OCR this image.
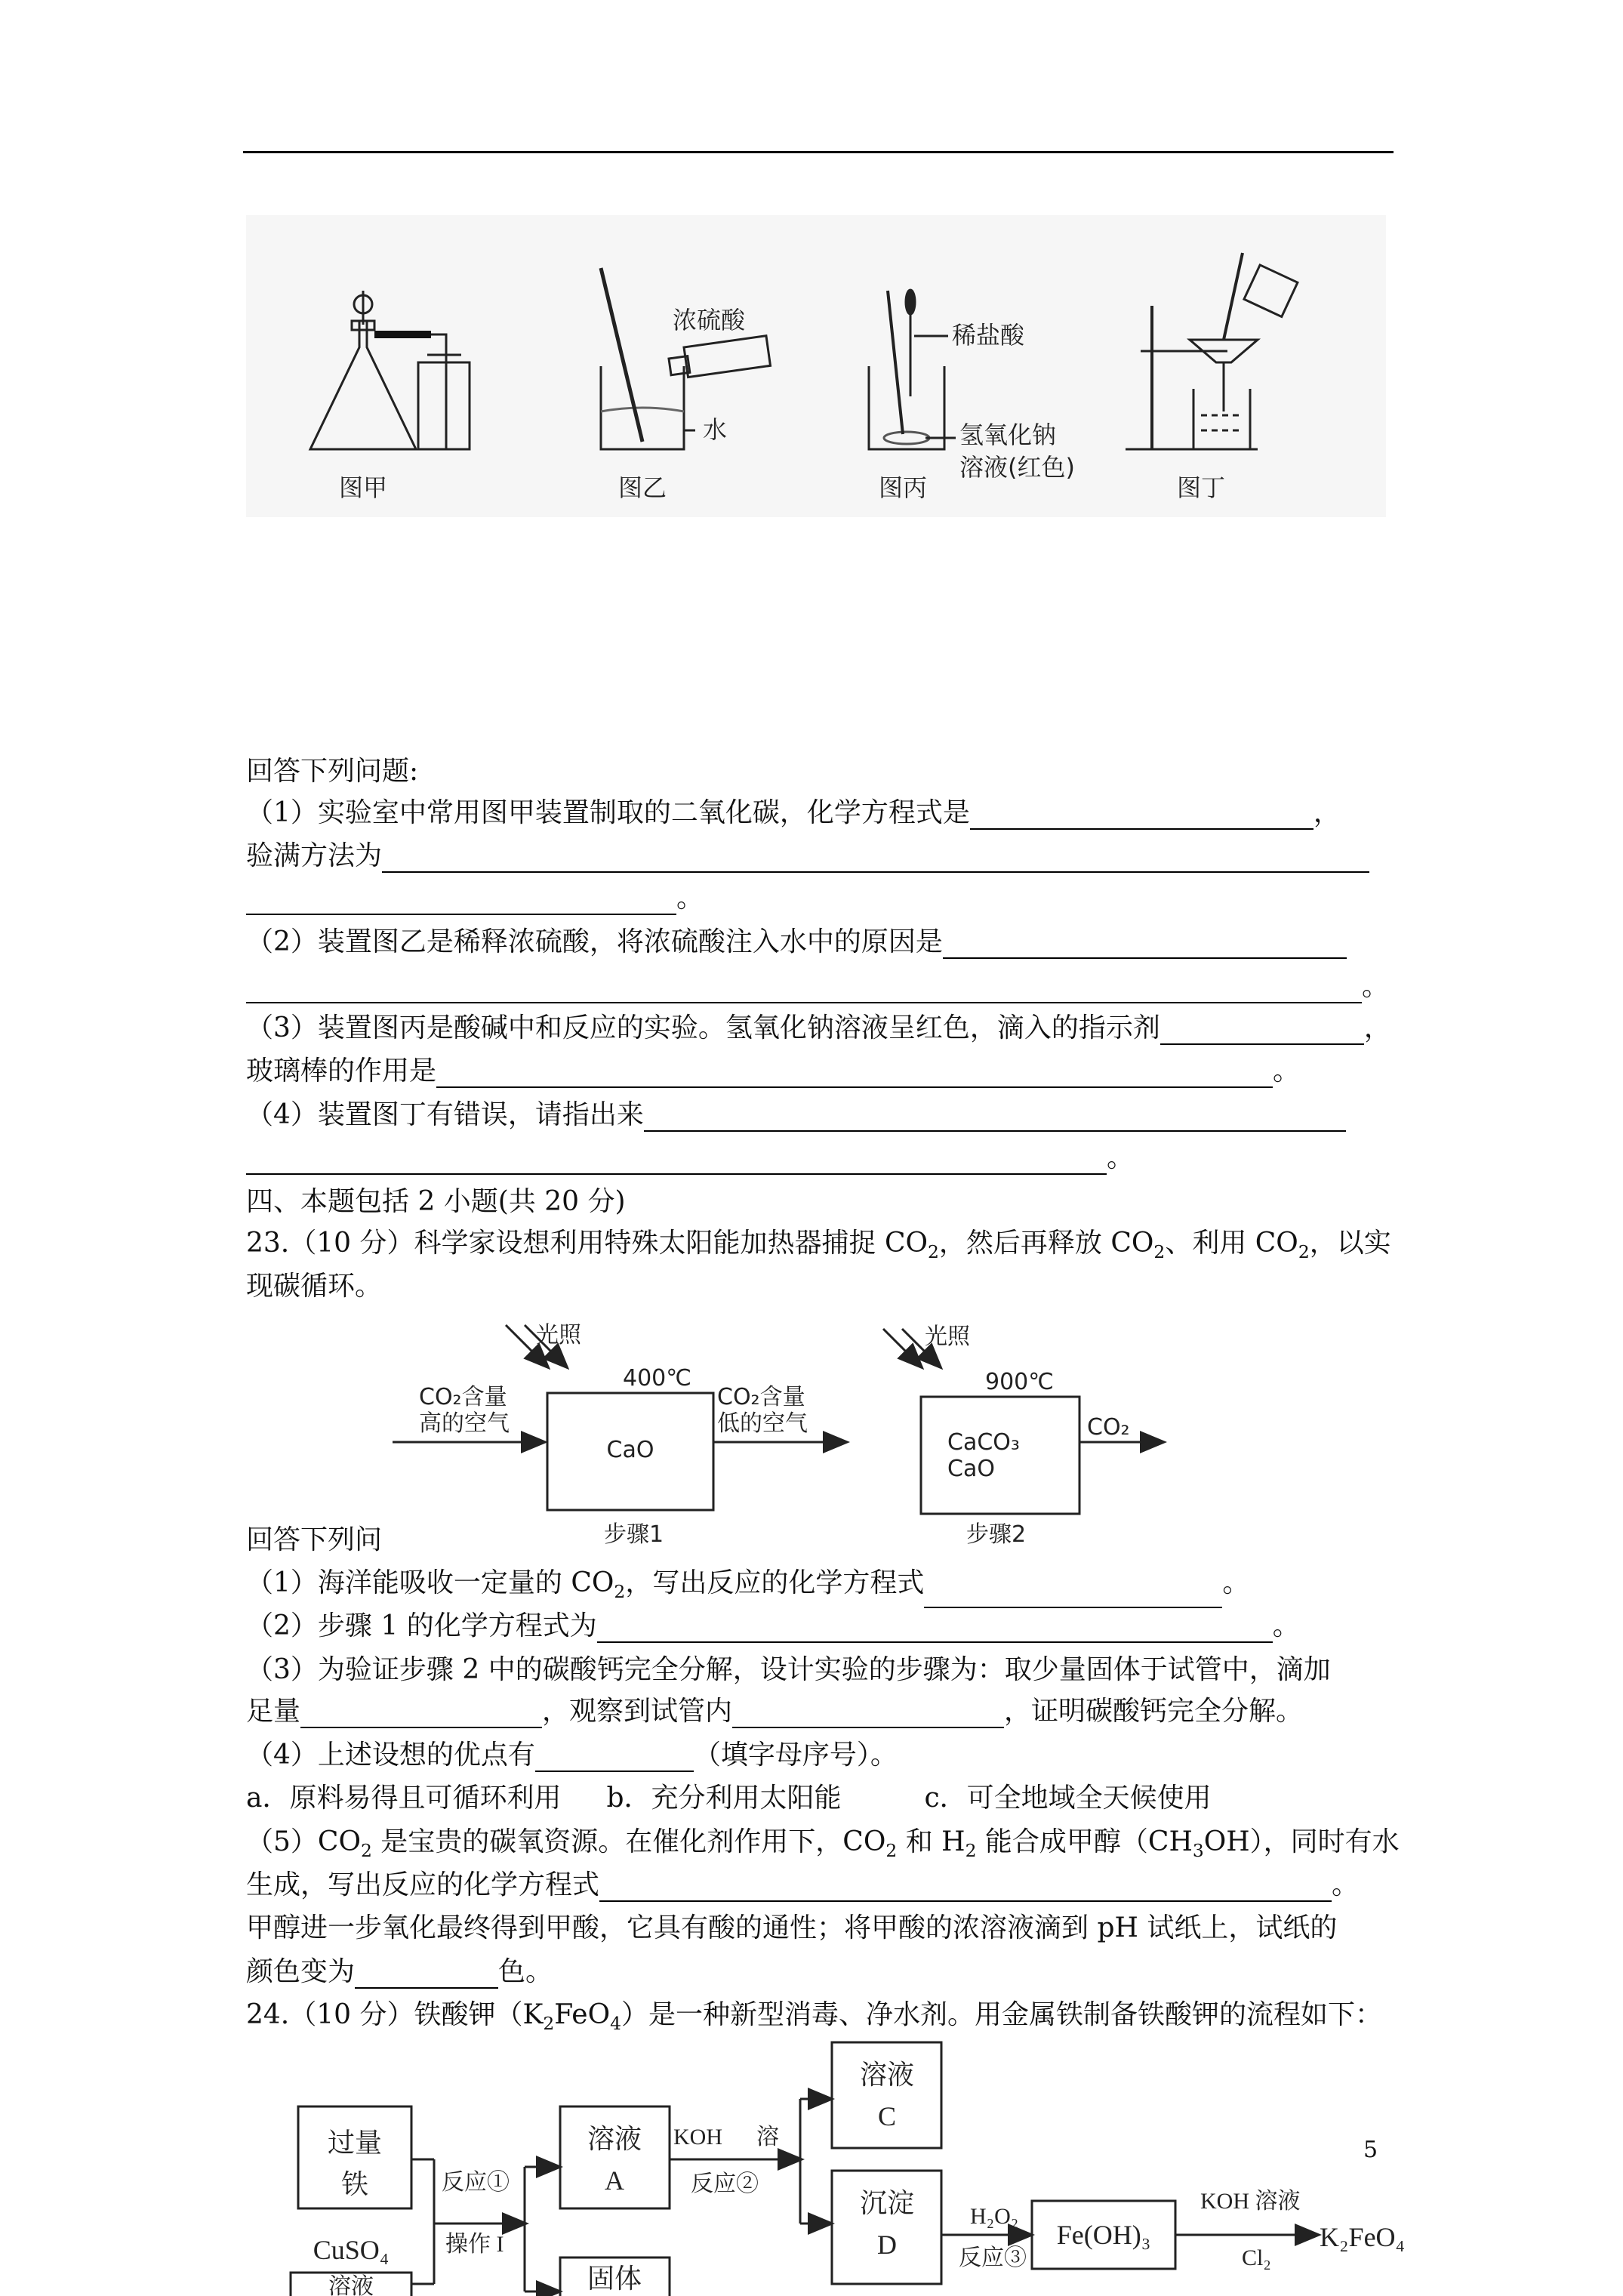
图甲	图乙	图丙	图丁
浓硫酸
水
稀盐酸
氢氧化钠
溶液(红色)
回答下列问题:
（1）实验室中常用图甲装置制取的二氧化碳，化学方程式是	，
验满方法为
。
（2）装置图乙是稀释浓硫酸，将浓硫酸注入水中的原因是
。
（3）装置图丙是酸碱中和反应的实验。氢氧化钠溶液呈红色，滴入的指示剂	，
玻璃棒的作用是	。
（4）装置图丁有错误，请指出来
。
四、本题包括 2 小题(共 20 分)
23.（10 分）科学家设想利用特殊太阳能加热器捕捉 $CO_2$，然后再释放 $CO_2$、利用 $CO_2$，以实
现碳循环。
光照
400℃
CO₂含量
高的空气
CaO
CO₂含量
低的空气
步骤1
光照
900℃
CaCO₃
CaO
CO₂
步骤2
回答下列问
（1）海洋能吸收一定量的 $CO_2$，写出反应的化学方程式	。
（2）步骤 1 的化学方程式为	。
（3）为验证步骤 2 中的碳酸钙完全分解，设计实验的步骤为：取少量固体于试管中，滴加
足量	，观察到试管内	，证明碳酸钙完全分解。
（4）上述设想的优点有	（填字母序号）。
a．原料易得且可循环利用 b．充分利用太阳能	c．可全地域全天候使用
$(5)CO_2$ 是宝贵的碳氧资源。在催化剂作用下，$CO_2$ 和 $H_2$ 能合成甲醇$(CH_3OH)$，同时有水
生成，写出反应的化学方程式	。
甲醇进一步氧化最终得到甲酸，它具有酸的通性；将甲酸的浓溶液滴到 pH 试纸上，试纸的
颜色变为	色。
24.（10 分）铁酸钾$(K_2FeO_4)$是一种新型消毒、净水剂。用金属铁制备铁酸钾的流程如下：
过量
铁
CuSO₄
溶液
反应①
操作 I
溶液
A
固体
KOH 溶
反应②
溶液
C
沉淀
D
H₂O₂
反应③
Fe(OH)₃
KOH 溶液
Cl₂
K₂FeO₄
5
